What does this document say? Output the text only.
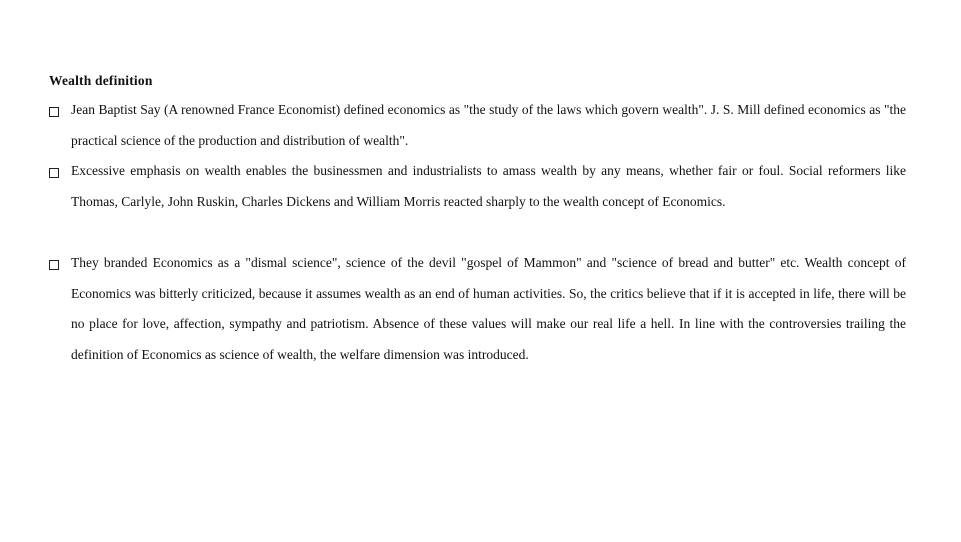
Wealth definition

Jean Baptist Say (A renowned France Economist) defined economics as "the study of the laws which govern wealth". J. S. Mill defined economics as "the practical science of the production and distribution of wealth".

Excessive emphasis on wealth enables the businessmen and industrialists to amass wealth by any means, whether fair or foul. Social reformers like Thomas, Carlyle, John Ruskin, Charles Dickens and William Morris reacted sharply to the wealth concept of Economics.

They branded Economics as a "dismal science", science of the devil "gospel of Mammon" and "science of bread and butter" etc. Wealth concept of Economics was bitterly criticized, because it assumes wealth as an end of human activities. So, the critics believe that if it is accepted in life, there will be no place for love, affection, sympathy and patriotism. Absence of these values will make our real life a hell. In line with the controversies trailing the definition of Economics as science of wealth, the welfare dimension was introduced.
